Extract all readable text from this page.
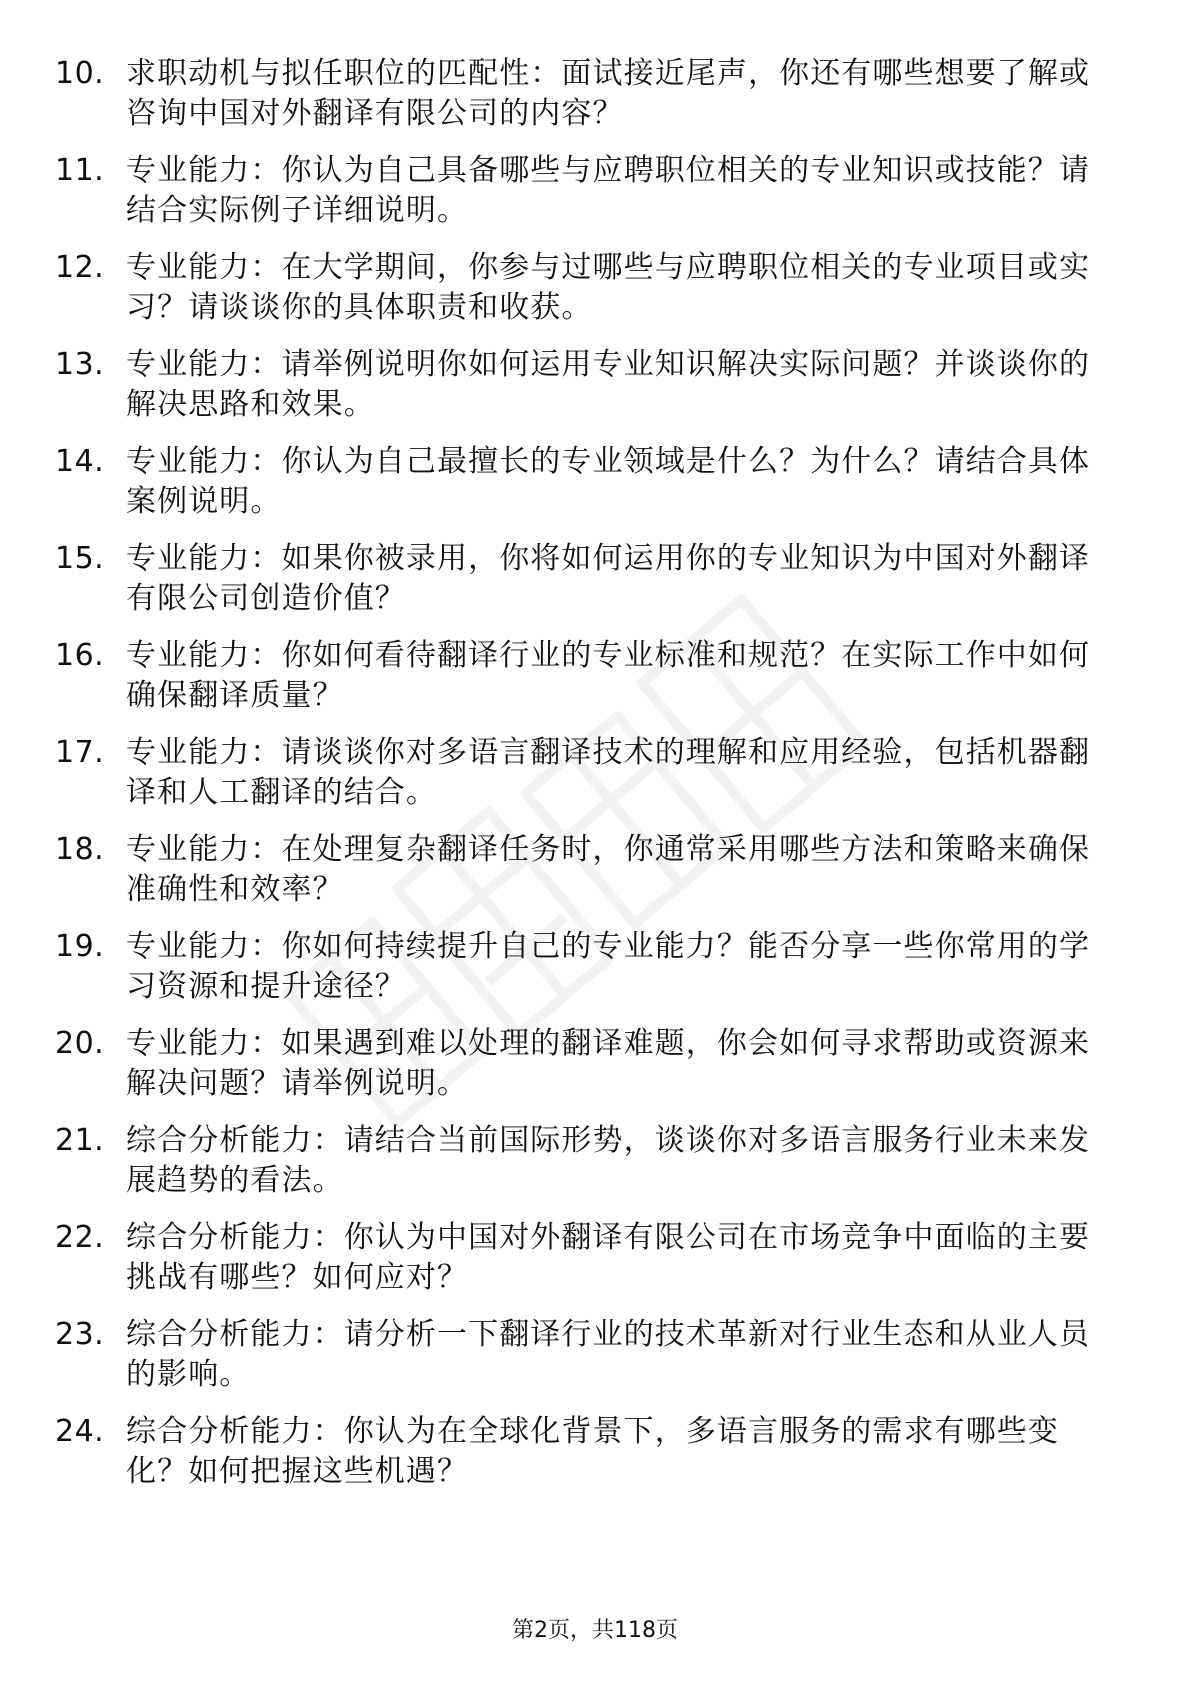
10. 求职动机与拟任职位的匹配性：面试接近尾声，你还有哪些想要了解或咨询中国对外翻译有限公司的内容？
11. 专业能力：你认为自己具备哪些与应聘职位相关的专业知识或技能？请结合实际例子详细说明。
12. 专业能力：在大学期间，你参与过哪些与应聘职位相关的专业项目或实习？请谈谈你的具体职责和收获。
13. 专业能力：请举例说明你如何运用专业知识解决实际问题？并谈谈你的解决思路和效果。
14. 专业能力：你认为自己最擅长的专业领域是什么？为什么？请结合具体案例说明。
15. 专业能力：如果你被录用，你将如何运用你的专业知识为中国对外翻译有限公司创造价值？
16. 专业能力：你如何看待翻译行业的专业标准和规范？在实际工作中如何确保翻译质量？
17. 专业能力：请谈谈你对多语言翻译技术的理解和应用经验，包括机器翻译和人工翻译的结合。
18. 专业能力：在处理复杂翻译任务时，你通常采用哪些方法和策略来确保准确性和效率？
19. 专业能力：你如何持续提升自己的专业能力？能否分享一些你常用的学习资源和提升途径？
20. 专业能力：如果遇到难以处理的翻译难题，你会如何寻求帮助或资源来解决问题？请举例说明。
21. 综合分析能力：请结合当前国际形势，谈谈你对多语言服务行业未来发展趋势的看法。
22. 综合分析能力：你认为中国对外翻译有限公司在市场竞争中面临的主要挑战有哪些？如何应对？
23. 综合分析能力：请分析一下翻译行业的技术革新对行业生态和从业人员的影响。
24. 综合分析能力：你认为在全球化背景下，多语言服务的需求有哪些变化？如何把握这些机遇？
第2页，共118页
